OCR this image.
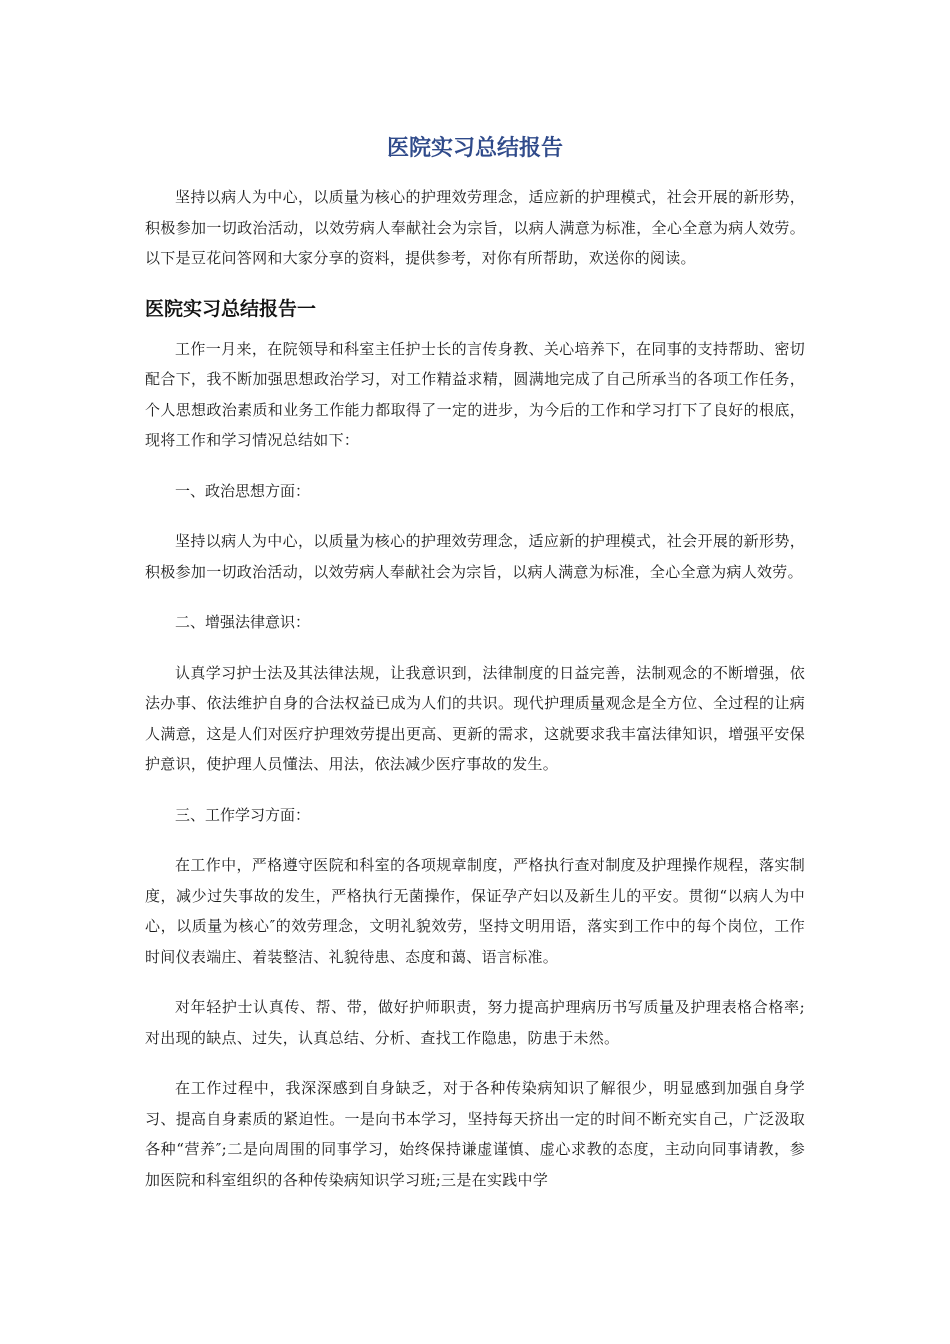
医院实习总结报告

坚持以病人为中心，以质量为核心的护理效劳理念，适应新的护理模式，社会开展的新形势，积极参加一切政治活动，以效劳病人奉献社会为宗旨，以病人满意为标准，全心全意为病人效劳。以下是豆花问答网和大家分享的资料，提供参考，对你有所帮助，欢送你的阅读。

医院实习总结报告一

工作一月来，在院领导和科室主任护士长的言传身教、关心培养下，在同事的支持帮助、密切配合下，我不断加强思想政治学习，对工作精益求精，圆满地完成了自己所承当的各项工作任务，个人思想政治素质和业务工作能力都取得了一定的进步，为今后的工作和学习打下了良好的根底，现将工作和学习情况总结如下：

一、政治思想方面：

坚持以病人为中心，以质量为核心的护理效劳理念，适应新的护理模式，社会开展的新形势，积极参加一切政治活动，以效劳病人奉献社会为宗旨，以病人满意为标准，全心全意为病人效劳。

二、增强法律意识：

认真学习护士法及其法律法规，让我意识到，法律制度的日益完善，法制观念的不断增强，依法办事、依法维护自身的合法权益已成为人们的共识。现代护理质量观念是全方位、全过程的让病人满意，这是人们对医疗护理效劳提出更高、更新的需求，这就要求我丰富法律知识，增强平安保护意识，使护理人员懂法、用法，依法减少医疗事故的发生。

三、工作学习方面：

在工作中，严格遵守医院和科室的各项规章制度，严格执行查对制度及护理操作规程，落实制度，减少过失事故的发生，严格执行无菌操作，保证孕产妇以及新生儿的平安。贯彻“以病人为中心，以质量为核心″的效劳理念，文明礼貌效劳，坚持文明用语，落实到工作中的每个岗位，工作时间仪表端庄、着装整洁、礼貌待患、态度和蔼、语言标准。

对年轻护士认真传、帮、带，做好护师职责，努力提高护理病历书写质量及护理表格合格率;对出现的缺点、过失，认真总结、分析、查找工作隐患，防患于未然。

在工作过程中，我深深感到自身缺乏，对于各种传染病知识了解很少，明显感到加强自身学习、提高自身素质的紧迫性。一是向书本学习，坚持每天挤出一定的时间不断充实自己，广泛汲取各种“营养″;二是向周围的同事学习，始终保持谦虚谨慎、虚心求教的态度，主动向同事请教，参加医院和科室组织的各种传染病知识学习班;三是在实践中学
